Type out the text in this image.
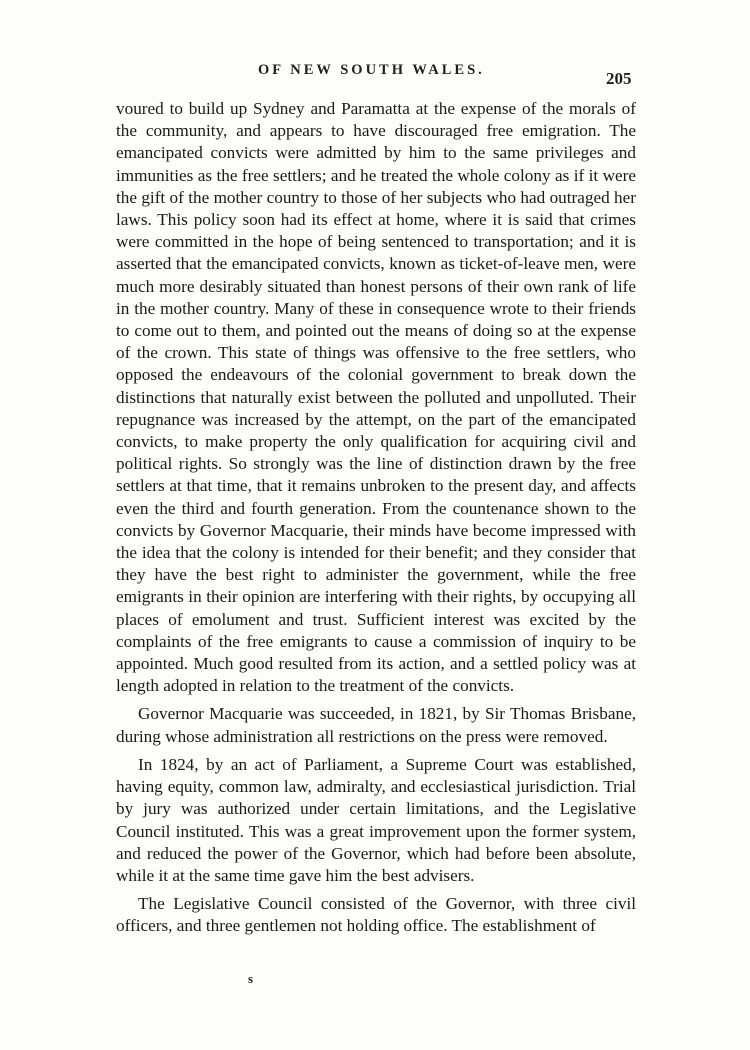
OF NEW SOUTH WALES.	205

voured to build up Sydney and Paramatta at the expense of the morals of the community, and appears to have discouraged free emigration. The emancipated convicts were admitted by him to the same privileges and immunities as the free settlers; and he treated the whole colony as if it were the gift of the mother country to those of her subjects who had outraged her laws. This policy soon had its effect at home, where it is said that crimes were committed in the hope of being sentenced to transportation; and it is asserted that the emancipated convicts, known as ticket-of-leave men, were much more desirably situated than honest persons of their own rank of life in the mother country. Many of these in consequence wrote to their friends to come out to them, and pointed out the means of doing so at the expense of the crown. This state of things was offensive to the free settlers, who opposed the endeavours of the colonial government to break down the distinctions that naturally exist between the polluted and unpolluted. Their repugnance was increased by the attempt, on the part of the emancipated convicts, to make property the only qualification for acquiring civil and political rights. So strongly was the line of distinction drawn by the free settlers at that time, that it remains unbroken to the present day, and affects even the third and fourth generation. From the countenance shown to the convicts by Governor Macquarie, their minds have become impressed with the idea that the colony is intended for their benefit; and they consider that they have the best right to administer the government, while the free emigrants in their opinion are interfering with their rights, by occupying all places of emolument and trust. Sufficient interest was excited by the complaints of the free emigrants to cause a commission of inquiry to be appointed. Much good resulted from its action, and a settled policy was at length adopted in relation to the treatment of the convicts.

Governor Macquarie was succeeded, in 1821, by Sir Thomas Brisbane, during whose administration all restrictions on the press were removed.

In 1824, by an act of Parliament, a Supreme Court was established, having equity, common law, admiralty, and ecclesiastical jurisdiction. Trial by jury was authorized under certain limitations, and the Legislative Council instituted. This was a great improvement upon the former system, and reduced the power of the Governor, which had before been absolute, while it at the same time gave him the best advisers.

The Legislative Council consisted of the Governor, with three civil officers, and three gentlemen not holding office. The establishment of

s
